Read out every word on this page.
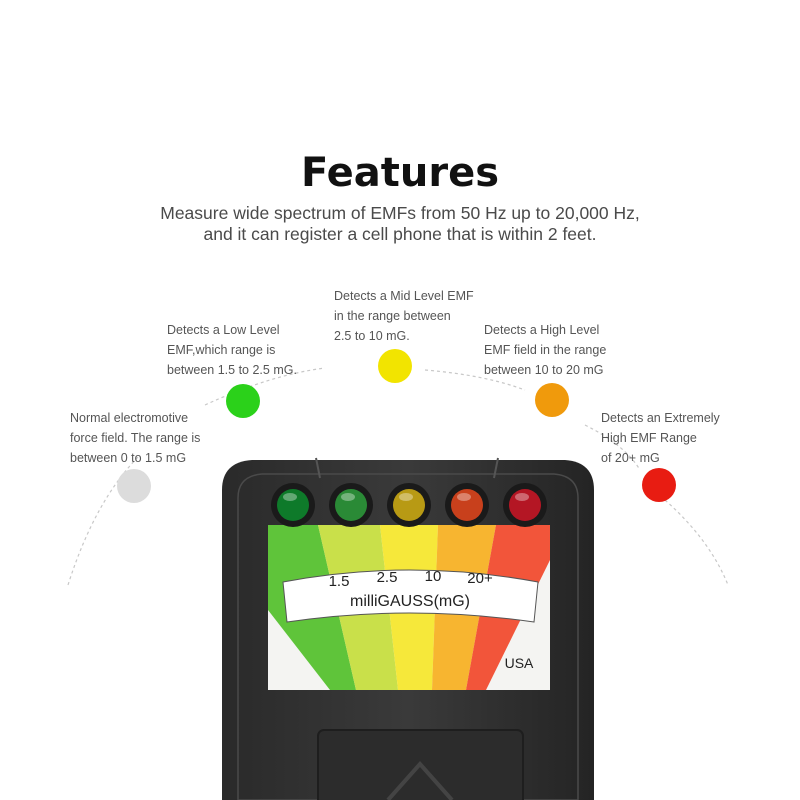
Features
Measure wide spectrum of EMFs from 50 Hz up to 20,000 Hz,
and it can register a cell phone that is within 2 feet.
Normal electromotive
force field. The range is
between 0 to 1.5 mG
Detects a Low Level
EMF,which range is
between 1.5 to 2.5 mG.
Detects a Mid Level EMF
in the range between
2.5 to 10 mG.	Detects a High Level
EMF field in the range
between 10 to 20 mG
Detects an Extremely
High EMF Range
of 20+ mG
1.5 2.5 10 20+
milliGAUSS(mG)
USA
